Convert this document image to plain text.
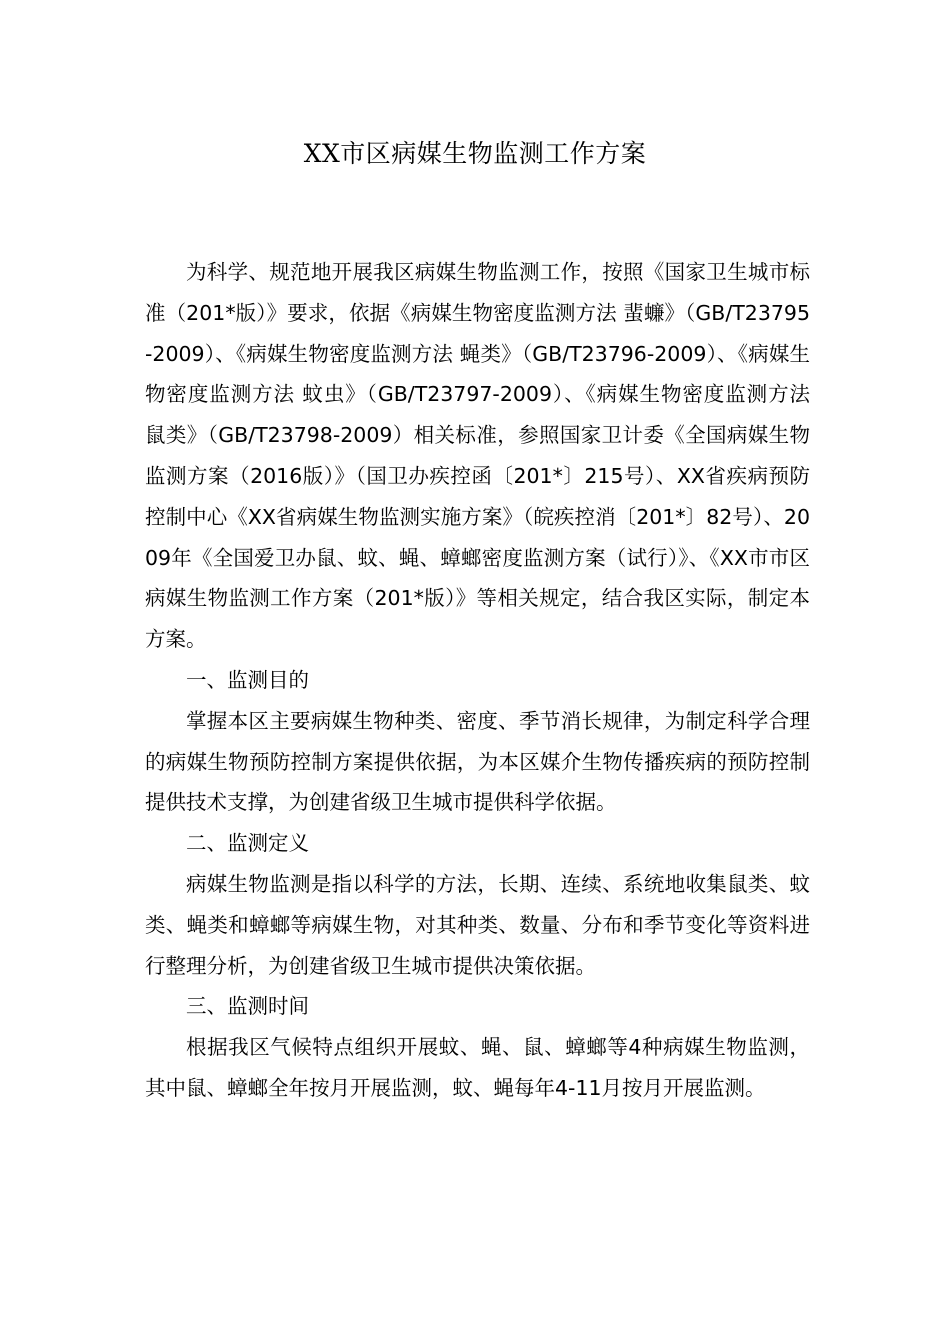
XX市区病媒生物监测工作方案

为科学、规范地开展我区病媒生物监测工作，按照《国家卫生城市标准（201*版）》要求，依据《病媒生物密度监测方法 蜚蠊》（GB/T23795-2009）、《病媒生物密度监测方法 蝇类》（GB/T23796-2009）、《病媒生物密度监测方法 蚊虫》（GB/T23797-2009）、《病媒生物密度监测方法 鼠类》（GB/T23798-2009）相关标准，参照国家卫计委《全国病媒生物监测方案（2016版）》（国卫办疾控函〔201*〕215号）、XX省疾病预防控制中心《XX省病媒生物监测实施方案》（皖疾控消〔201*〕82号）、2009年《全国爱卫办鼠、蚊、蝇、蟑螂密度监测方案（试行）》、《XX市市区病媒生物监测工作方案（201*版）》等相关规定，结合我区实际，制定本方案。

一、监测目的

掌握本区主要病媒生物种类、密度、季节消长规律，为制定科学合理的病媒生物预防控制方案提供依据，为本区媒介生物传播疾病的预防控制提供技术支撑，为创建省级卫生城市提供科学依据。

二、监测定义

病媒生物监测是指以科学的方法，长期、连续、系统地收集鼠类、蚊类、蝇类和蟑螂等病媒生物，对其种类、数量、分布和季节变化等资料进行整理分析，为创建省级卫生城市提供决策依据。

三、监测时间

根据我区气候特点组织开展蚊、蝇、鼠、蟑螂等4种病媒生物监测，其中鼠、蟑螂全年按月开展监测，蚊、蝇每年4-11月按月开展监测。
